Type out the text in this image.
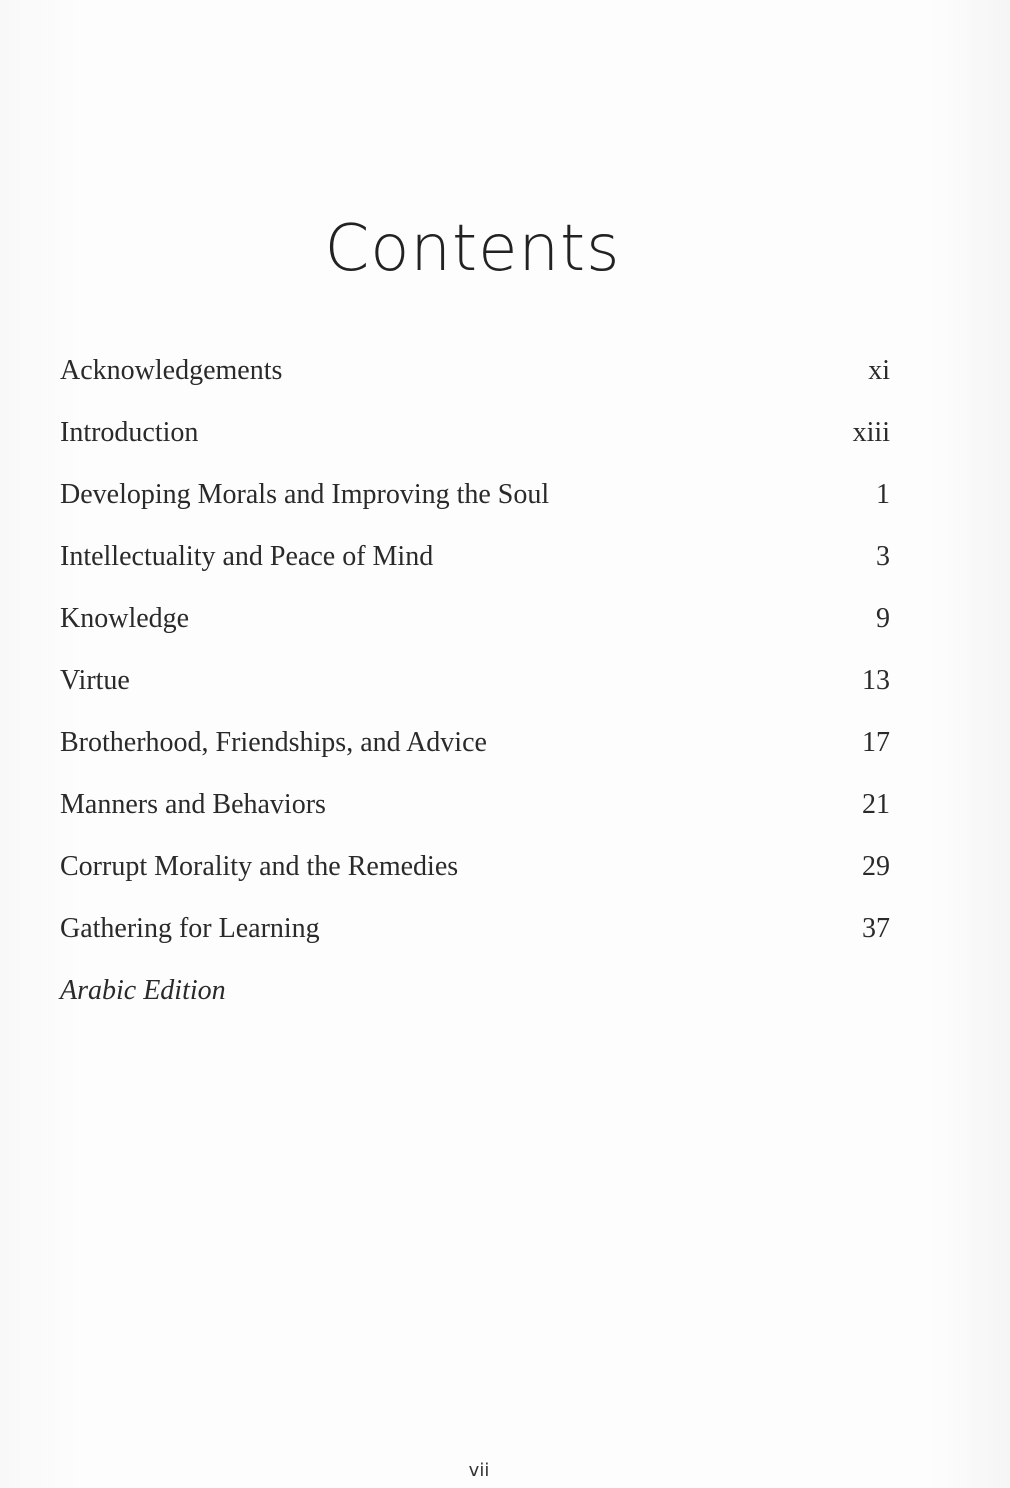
Contents
Acknowledgements	xi
Introduction	xiii
Developing Morals and Improving the Soul	1
Intellectuality and Peace of Mind	3
Knowledge	9
Virtue	13
Brotherhood, Friendships, and Advice	17
Manners and Behaviors	21
Corrupt Morality and the Remedies	29
Gathering for Learning	37
Arabic Edition
vii
